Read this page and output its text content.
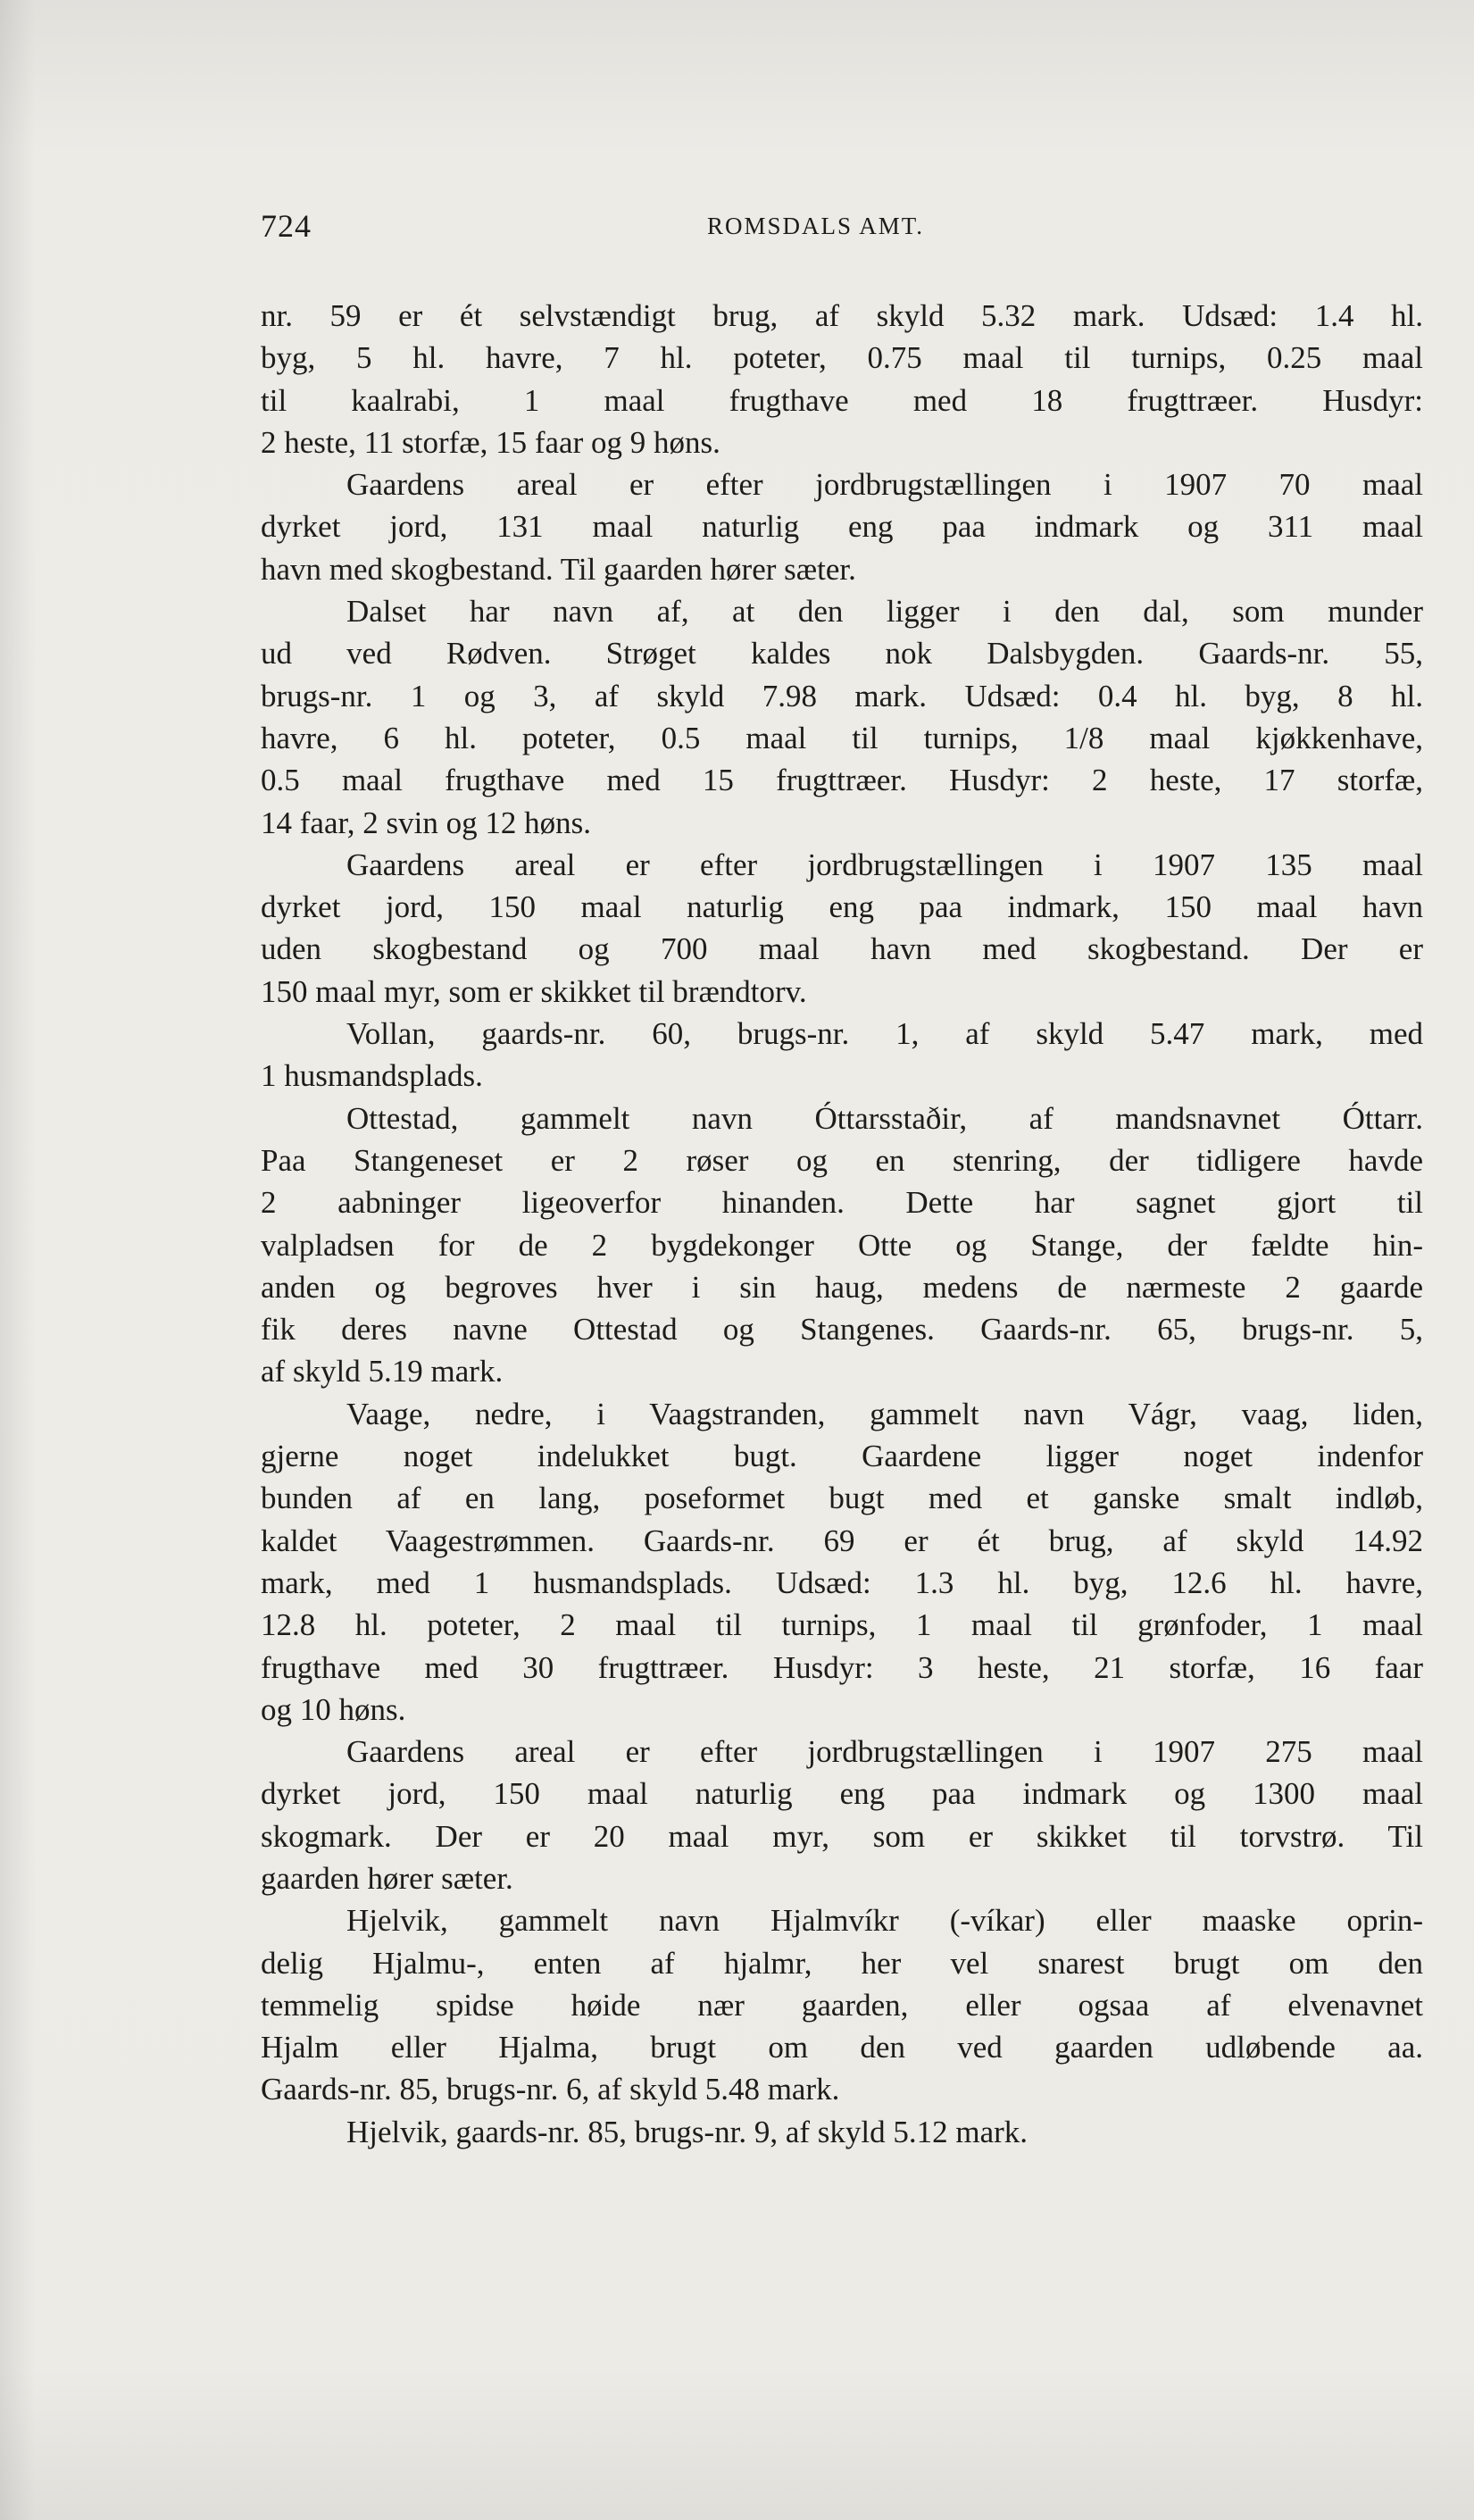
724	ROMSDALS AMT.
nr. 59 er ét selvstændigt brug, af skyld 5.32 mark. Udsæd: 1.4 hl.
byg, 5 hl. havre, 7 hl. poteter, 0.75 maal til turnips, 0.25 maal
til kaalrabi, 1 maal frugthave med 18 frugttræer. Husdyr:
2 heste, 11 storfæ, 15 faar og 9 høns.
Gaardens areal er efter jordbrugstællingen i 1907 70 maal
dyrket jord, 131 maal naturlig eng paa indmark og 311 maal
havn med skogbestand. Til gaarden hører sæter.
Dalset har navn af, at den ligger i den dal, som munder
ud ved Rødven. Strøget kaldes nok Dalsbygden. Gaards-nr. 55,
brugs-nr. 1 og 3, af skyld 7.98 mark. Udsæd: 0.4 hl. byg, 8 hl.
havre, 6 hl. poteter, 0.5 maal til turnips, 1/8 maal kjøkkenhave,
0.5 maal frugthave med 15 frugttræer. Husdyr: 2 heste, 17 storfæ,
14 faar, 2 svin og 12 høns.
Gaardens areal er efter jordbrugstællingen i 1907 135 maal
dyrket jord, 150 maal naturlig eng paa indmark, 150 maal havn
uden skogbestand og 700 maal havn med skogbestand. Der er
150 maal myr, som er skikket til brændtorv.
Vollan, gaards-nr. 60, brugs-nr. 1, af skyld 5.47 mark, med
1 husmandsplads.
Ottestad, gammelt navn Óttarsstaðir, af mandsnavnet Óttarr.
Paa Stangeneset er 2 røser og en stenring, der tidligere havde
2 aabninger ligeoverfor hinanden. Dette har sagnet gjort til
valpladsen for de 2 bygdekonger Otte og Stange, der fældte hin-
anden og begroves hver i sin haug, medens de nærmeste 2 gaarde
fik deres navne Ottestad og Stangenes. Gaards-nr. 65, brugs-nr. 5,
af skyld 5.19 mark.
Vaage, nedre, i Vaagstranden, gammelt navn Vágr, vaag, liden,
gjerne noget indelukket bugt. Gaardene ligger noget indenfor
bunden af en lang, poseformet bugt med et ganske smalt indløb,
kaldet Vaagestrømmen. Gaards-nr. 69 er ét brug, af skyld 14.92
mark, med 1 husmandsplads. Udsæd: 1.3 hl. byg, 12.6 hl. havre,
12.8 hl. poteter, 2 maal til turnips, 1 maal til grønfoder, 1 maal
frugthave med 30 frugttræer. Husdyr: 3 heste, 21 storfæ, 16 faar
og 10 høns.
Gaardens areal er efter jordbrugstællingen i 1907 275 maal
dyrket jord, 150 maal naturlig eng paa indmark og 1300 maal
skogmark. Der er 20 maal myr, som er skikket til torvstrø. Til
gaarden hører sæter.
Hjelvik, gammelt navn Hjalmvíkr (-víkar) eller maaske oprin-
delig Hjalmu-, enten af hjalmr, her vel snarest brugt om den
temmelig spidse høide nær gaarden, eller ogsaa af elvenavnet
Hjalm eller Hjalma, brugt om den ved gaarden udløbende aa.
Gaards-nr. 85, brugs-nr. 6, af skyld 5.48 mark.
Hjelvik, gaards-nr. 85, brugs-nr. 9, af skyld 5.12 mark.
